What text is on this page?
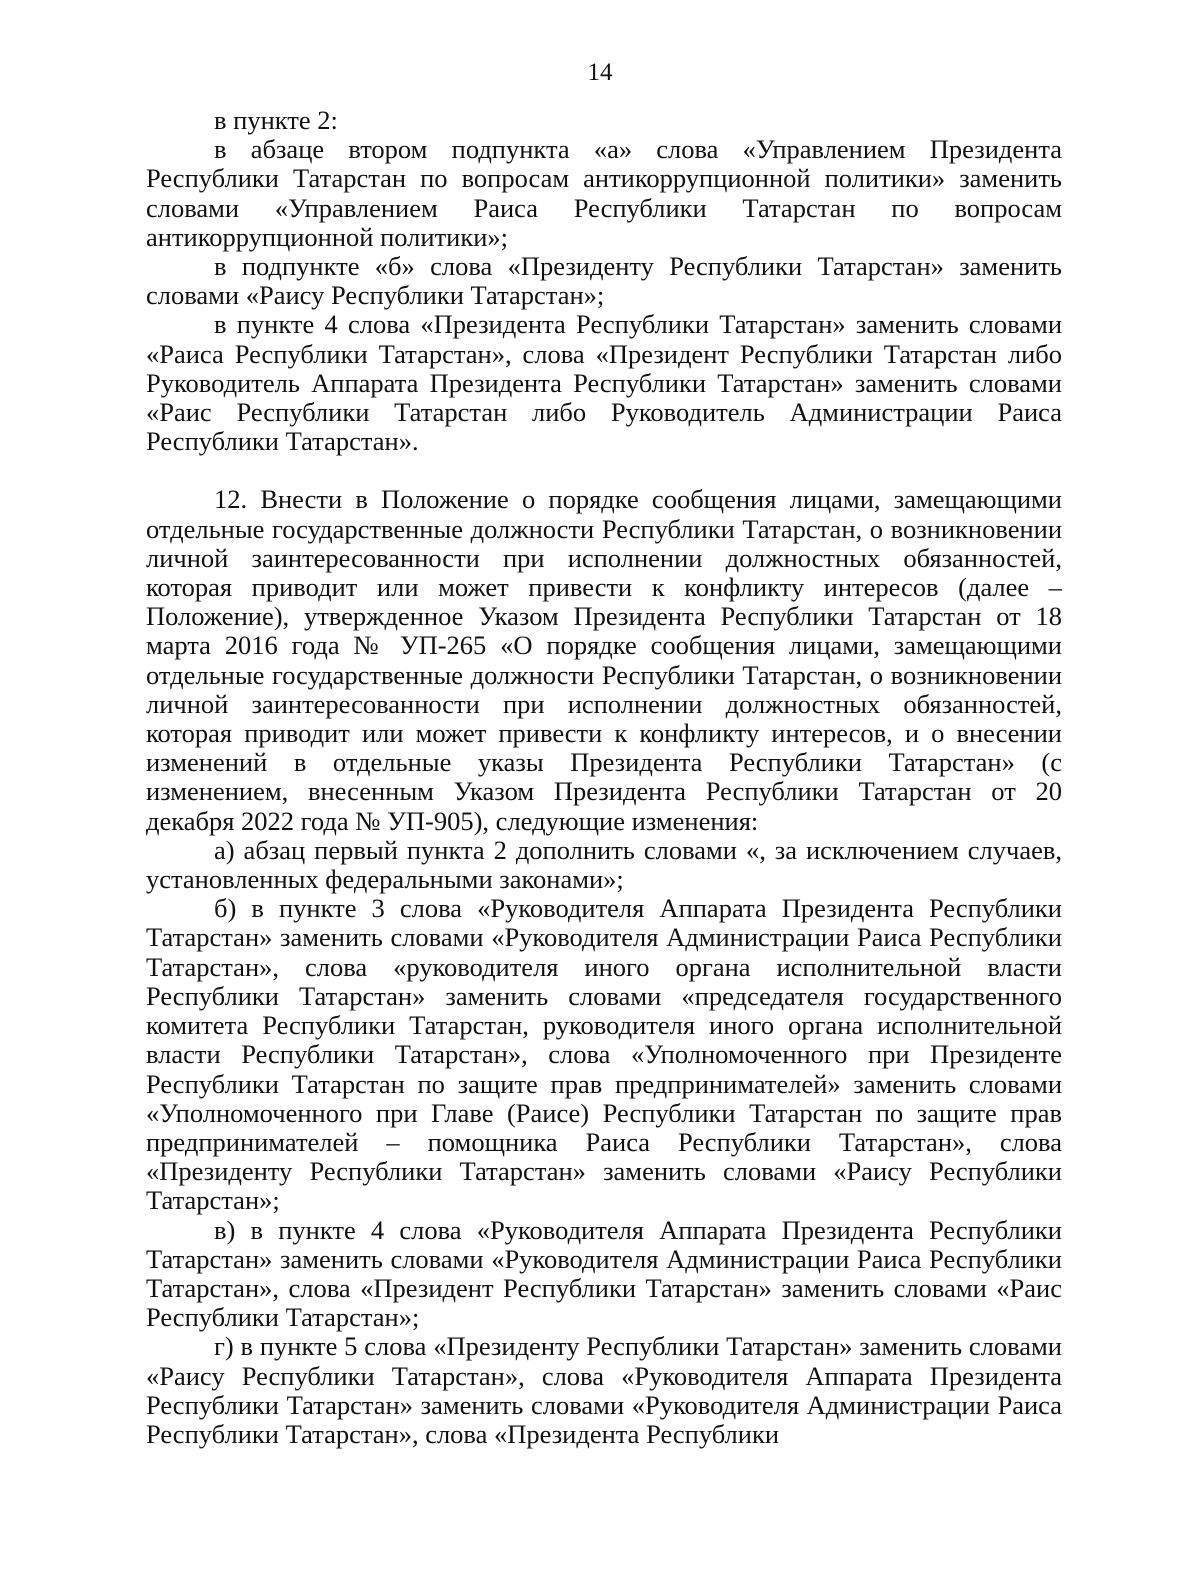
14

в пункте 2:

в абзаце втором подпункта «а» слова «Управлением Президента Республики Татарстан по вопросам антикоррупционной политики» заменить словами «Управлением Раиса Республики Татарстан по вопросам антикоррупционной политики»;

в подпункте «б» слова «Президенту Республики Татарстан» заменить словами «Раису Республики Татарстан»;

в пункте 4 слова «Президента Республики Татарстан» заменить словами «Раиса Республики Татарстан», слова «Президент Республики Татарстан либо Руководитель Аппарата Президента Республики Татарстан» заменить словами «Раис Республики Татарстан либо Руководитель Администрации Раиса Республики Татарстан».

12. Внести в Положение о порядке сообщения лицами, замещающими отдельные государственные должности Республики Татарстан, о возникновении личной заинтересованности при исполнении должностных обязанностей, которая приводит или может привести к конфликту интересов (далее – Положение), утвержденное Указом Президента Республики Татарстан от 18 марта 2016 года № УП-265 «О порядке сообщения лицами, замещающими отдельные государственные должности Республики Татарстан, о возникновении личной заинтересованности при исполнении должностных обязанностей, которая приводит или может привести к конфликту интересов, и о внесении изменений в отдельные указы Президента Республики Татарстан» (с изменением, внесенным Указом Президента Республики Татарстан от 20 декабря 2022 года № УП-905), следующие изменения:

а) абзац первый пункта 2 дополнить словами «, за исключением случаев, установленных федеральными законами»;

б) в пункте 3 слова «Руководителя Аппарата Президента Республики Татарстан» заменить словами «Руководителя Администрации Раиса Республики Татарстан», слова «руководителя иного органа исполнительной власти Республики Татарстан» заменить словами «председателя государственного комитета Республики Татарстан, руководителя иного органа исполнительной власти Республики Татарстан», слова «Уполномоченного при Президенте Республики Татарстан по защите прав предпринимателей» заменить словами «Уполномоченного при Главе (Раисе) Республики Татарстан по защите прав предпринимателей – помощника Раиса Республики Татарстан», слова «Президенту Республики Татарстан» заменить словами «Раису Республики Татарстан»;

в) в пункте 4 слова «Руководителя Аппарата Президента Республики Татарстан» заменить словами «Руководителя Администрации Раиса Республики Татарстан», слова «Президент Республики Татарстан» заменить словами «Раис Республики Татарстан»;

г) в пункте 5 слова «Президенту Республики Татарстан» заменить словами «Раису Республики Татарстан», слова «Руководителя Аппарата Президента Республики Татарстан» заменить словами «Руководителя Администрации Раиса Республики Татарстан», слова «Президента Республики
